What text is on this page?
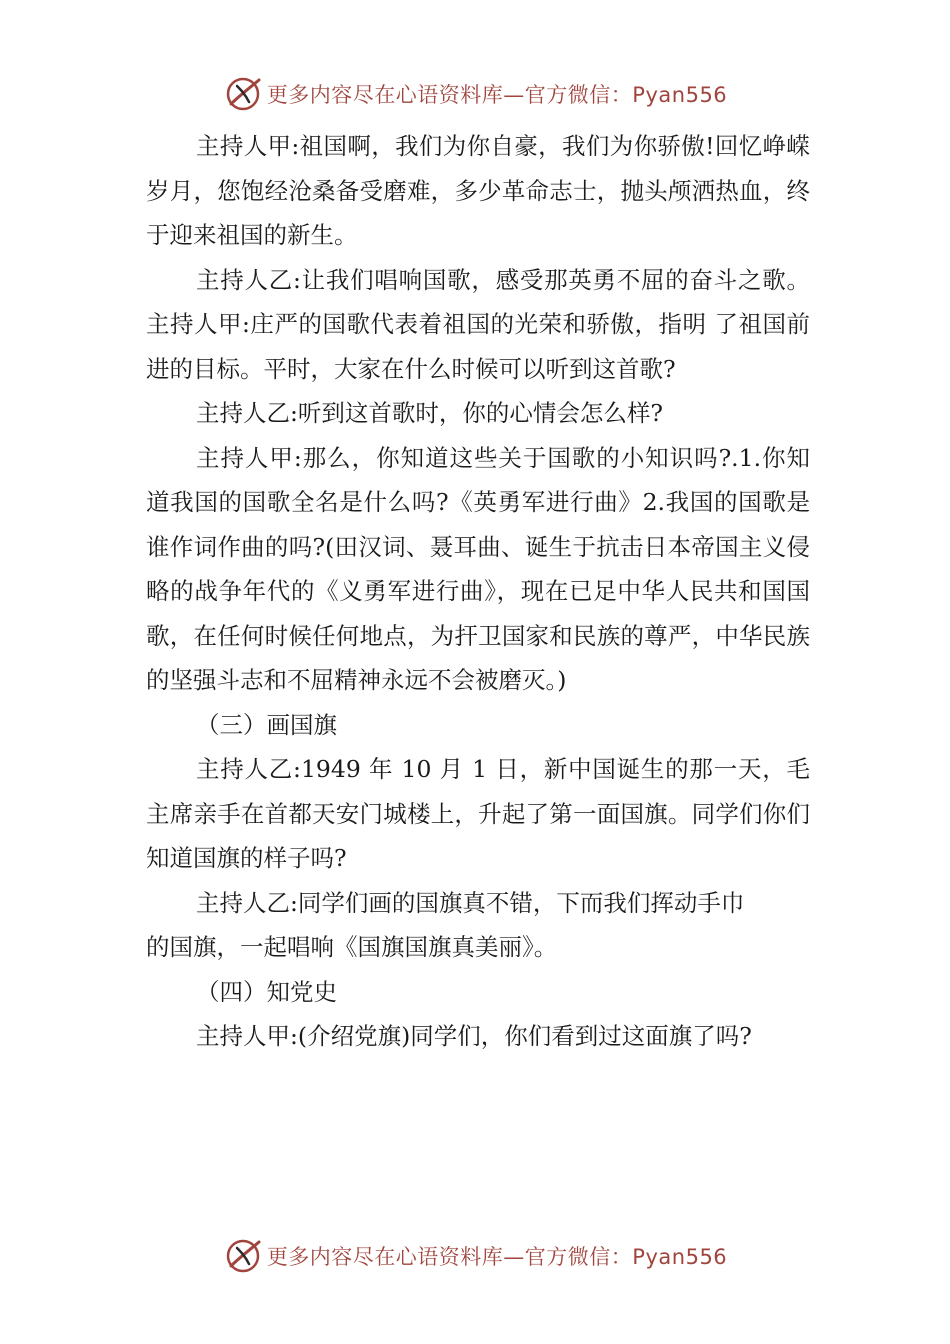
更多内容尽在心语资料库—官方微信：Pyan556

主持人甲:祖国啊，我们为你自豪，我们为你骄傲!回忆峥嵘岁月，您饱经沧桑备受磨难，多少革命志士，抛头颅洒热血，终于迎来祖国的新生。

主持人乙:让我们唱响国歌，感受那英勇不屈的奋斗之歌。主持人甲:庄严的国歌代表着祖国的光荣和骄傲，指明 了祖国前进的目标。平时，大家在什么时候可以听到这首歌?

主持人乙:听到这首歌时，你的心情会怎么样?

主持人甲:那么，你知道这些关于国歌的小知识吗?.1.你知道我国的国歌全名是什么吗?《英勇军进行曲》2.我国的国歌是谁作词作曲的吗?(田汉词、聂耳曲、诞生于抗击日本帝国主义侵略的战争年代的《义勇军进行曲》，现在已足中华人民共和国国歌，在任何时候任何地点，为扞卫国家和民族的尊严，中华民族的坚强斗志和不屈精神永远不会被磨灭。)

（三）画国旗

主持人乙:1949 年 10 月 1 日，新中国诞生的那一天，毛主席亲手在首都天安门城楼上，升起了第一面国旗。同学们你们知道国旗的样子吗?

主持人乙:同学们画的国旗真不错，下而我们挥动手巾

的国旗，一起唱响《国旗国旗真美丽》。

（四）知党史

主持人甲:(介绍党旗)同学们，你们看到过这面旗了吗?

更多内容尽在心语资料库—官方微信：Pyan556
